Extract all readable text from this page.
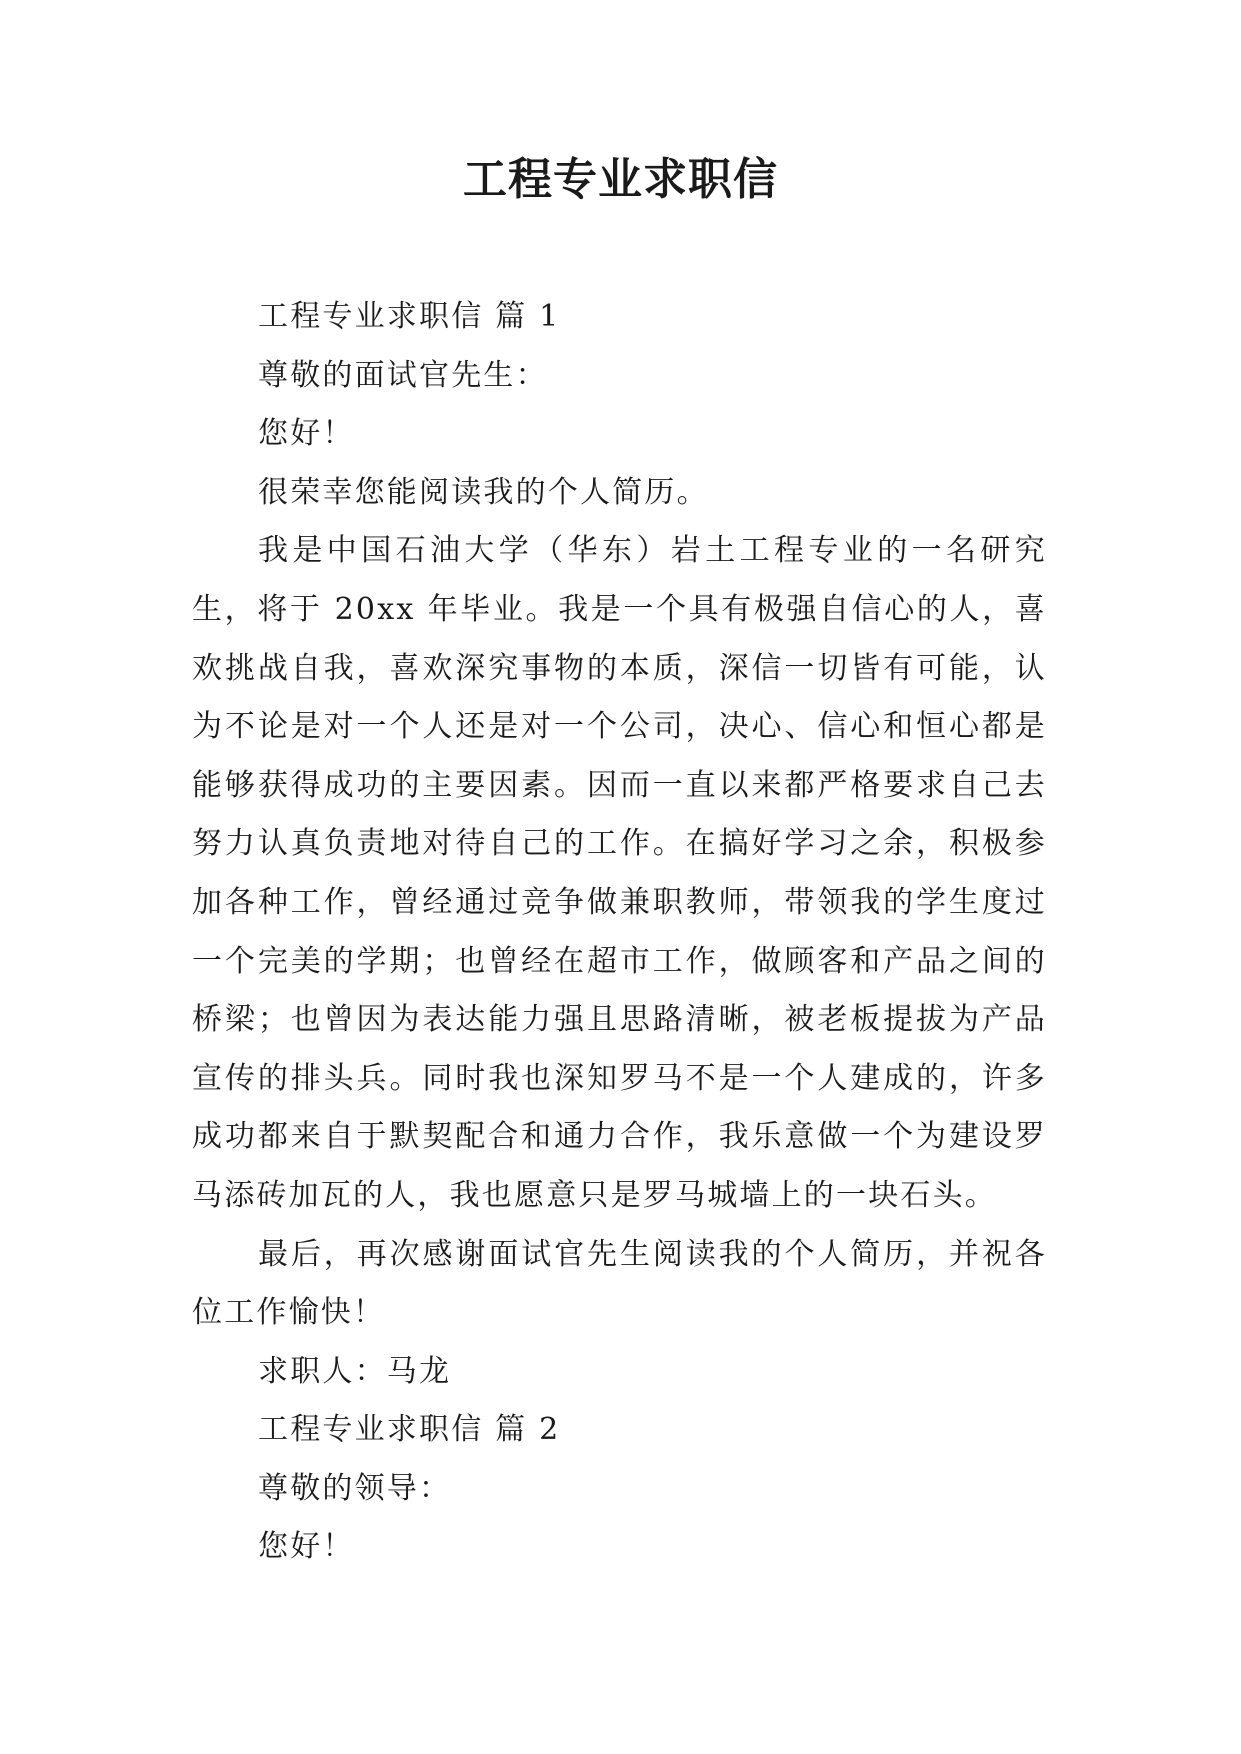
工程专业求职信

工程专业求职信 篇 1

尊敬的面试官先生：

您好！

很荣幸您能阅读我的个人简历。

我是中国石油大学（华东）岩土工程专业的一名研究生，将于 20xx 年毕业。我是一个具有极强自信心的人，喜欢挑战自我，喜欢深究事物的本质，深信一切皆有可能，认为不论是对一个人还是对一个公司，决心、信心和恒心都是能够获得成功的主要因素。因而一直以来都严格要求自己去努力认真负责地对待自己的工作。在搞好学习之余，积极参加各种工作，曾经通过竞争做兼职教师，带领我的学生度过一个完美的学期；也曾经在超市工作，做顾客和产品之间的桥梁；也曾因为表达能力强且思路清晰，被老板提拔为产品宣传的排头兵。同时我也深知罗马不是一个人建成的，许多成功都来自于默契配合和通力合作，我乐意做一个为建设罗马添砖加瓦的人，我也愿意只是罗马城墙上的一块石头。

最后，再次感谢面试官先生阅读我的个人简历，并祝各位工作愉快！

求职人：马龙

工程专业求职信 篇 2

尊敬的领导：

您好！
